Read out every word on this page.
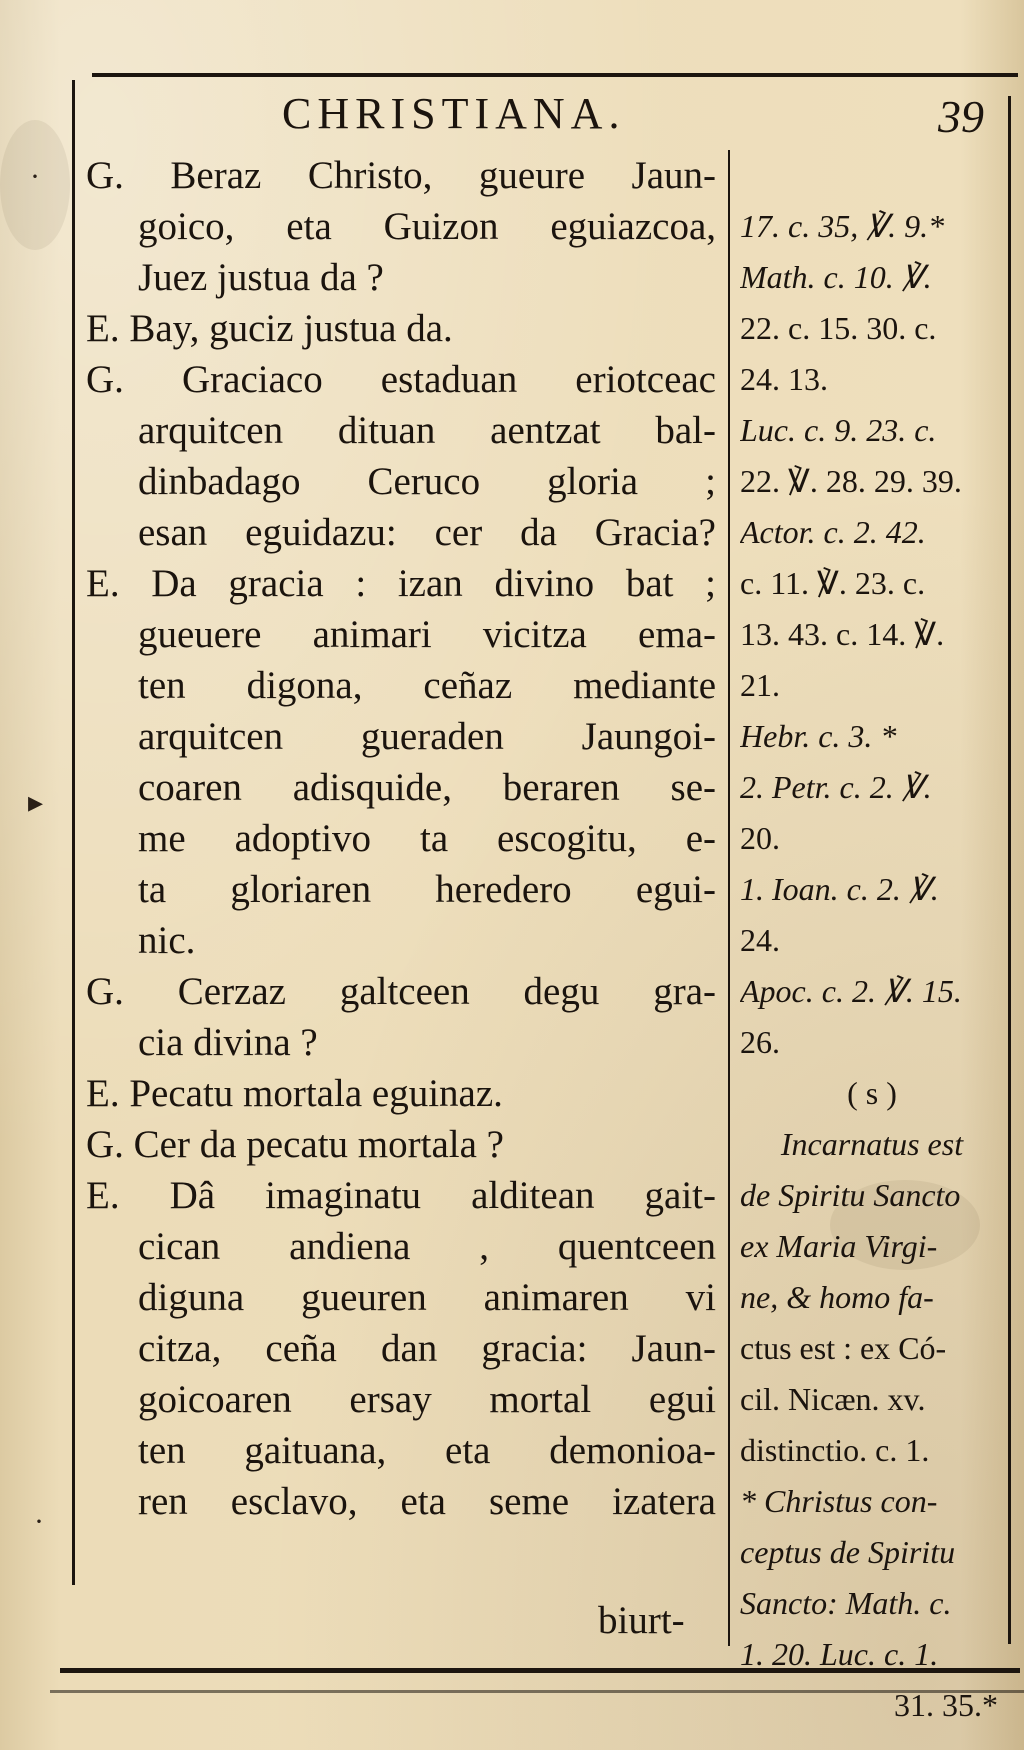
·
▸
·
CHRISTIANA.	39
G. Beraz Christo, gueure Jaun-
goico, eta Guizon eguiazcoa,
Juez justua da ?
E. Bay, guciz justua da.
G. Graciaco estaduan eriotceac
arquitcen dituan aentzat bal-
dinbadago Ceruco gloria ;
esan eguidazu: cer da Gracia?
E. Da gracia : izan divino bat ;
gueuere animari vicitza ema-
ten digona, ceñaz mediante
arquitcen gueraden Jaungoi-
coaren adisquide, beraren se-
me adoptivo ta escogitu, e-
ta gloriaren heredero egui-
nic.
G. Cerzaz galtceen degu gra-
cia divina ?
E. Pecatu mortala eguinaz.
G. Cer da pecatu mortala ?
E. Dâ imaginatu alditean gait-
cican andiena , quentceen
diguna gueuren animaren vi
citza, ceña dan gracia: Jaun-
goicoaren ersay mortal egui
ten gaituana, eta demonioa-
ren esclavo, eta seme izatera
biurt-
17. c. 35, ℣. 9.*
Math. c. 10. ℣.
22. c. 15. 30. c.
24. 13.
Luc. c. 9. 23. c.
22. ℣. 28. 29. 39.
Actor. c. 2. 42.
c. 11. ℣. 23. c.
13. 43. c. 14. ℣.
21.
Hebr. c. 3. *
2. Petr. c. 2. ℣.
20.
1. Ioan. c. 2. ℣.
24.
Apoc. c. 2. ℣. 15.
26.
( s )
Incarnatus est
de Spiritu Sancto
ex Maria Virgi-
ne, & homo fa-
ctus est : ex Có-
cil. Nicæn. xv.
distinctio. c. 1.
* Christus con-
ceptus de Spiritu
Sancto: Math. c.
1. 20. Luc. c. 1.
31. 35.*
